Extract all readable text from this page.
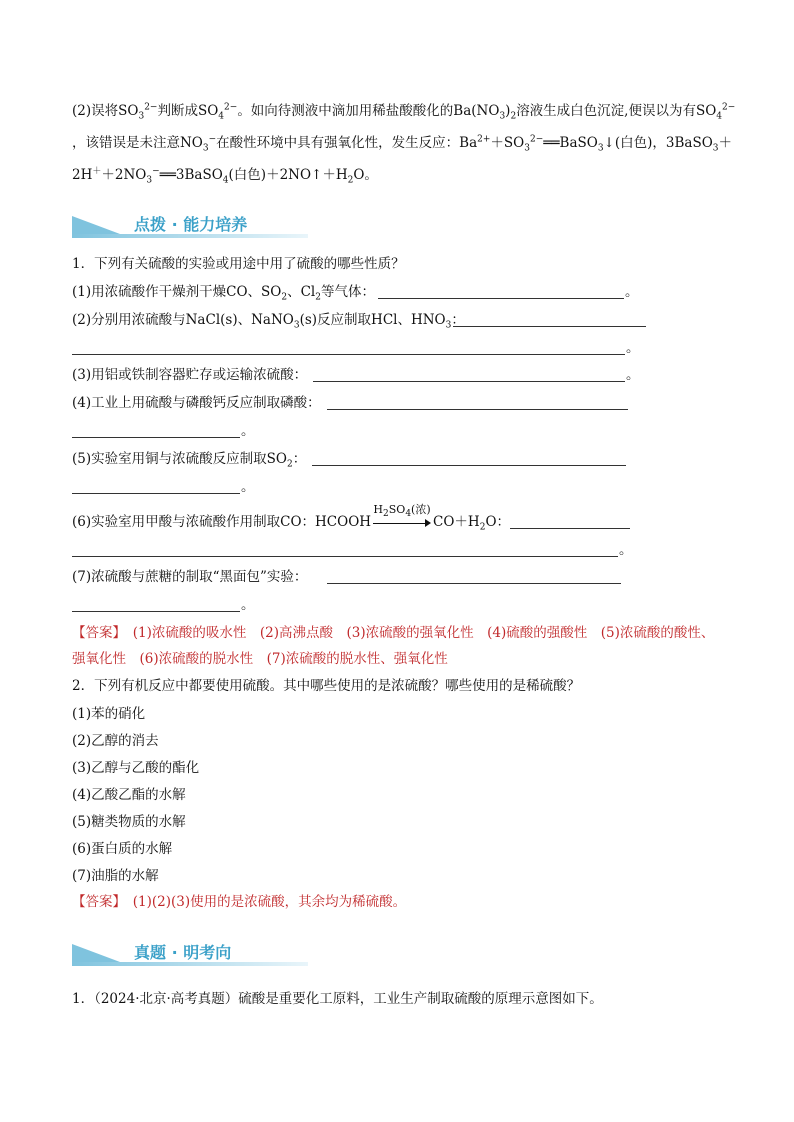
(2)误将$SO_3^{2-}$判断成$SO_4^{2-}$。如向待测液中滴加用稀盐酸酸化的$Ba(NO_3)_2$溶液生成白色沉淀,便误以为有$SO_4^{2-}$
，该错误是未注意$NO_3^-$在酸性环境中具有强氧化性，发生反应：$Ba^{2+}+SO_3^{2-}══BaSO_3↓$(白色)，3BaSO$_3$＋
$2H^++2NO_3^-══3BaSO_4$(白色)$+2NO↑+H_2O$。
点拨 · 能力培养
1．下列有关硫酸的实验或用途中用了硫酸的哪些性质？
(1)用浓硫酸作干燥剂干燥CO、$SO_2$、$Cl_2$等气体：	。
(2)分别用浓硫酸与NaCl(s)、NaNO$_3$(s)反应制取HCl、$HNO_3$：
。
(3)用铝或铁制容器贮存或运输浓硫酸：	。
(4)工业上用硫酸与磷酸钙反应制取磷酸：
。
(5)实验室用铜与浓硫酸反应制取$SO_2$：
。
(6)实验室用甲酸与浓硫酸作用制取CO：HCOOH
$H_2SO_4$(浓)
$CO+H_2O$：
。
(7)浓硫酸与蔗糖的制取“黑面包”实验：
。
【答案】　 (1)浓硫酸的吸水性　(2)高沸点酸　(3)浓硫酸的强氧化性　(4)硫酸的强酸性　(5)浓硫酸的酸性、
强氧化性　(6)浓硫酸的脱水性　(7)浓硫酸的脱水性、强氧化性
2．下列有机反应中都要使用硫酸。其中哪些使用的是浓硫酸？哪些使用的是稀硫酸？
(1)苯的硝化
(2)乙醇的消去
(3)乙醇与乙酸的酯化
(4)乙酸乙酯的水解
(5)糖类物质的水解
(6)蛋白质的水解
(7)油脂的水解
【答案】　 (1)(2)(3)使用的是浓硫酸，其余均为稀硫酸。
真题 · 明考向
1．（2024·北京·高考真题）硫酸是重要化工原料，工业生产制取硫酸的原理示意图如下。
